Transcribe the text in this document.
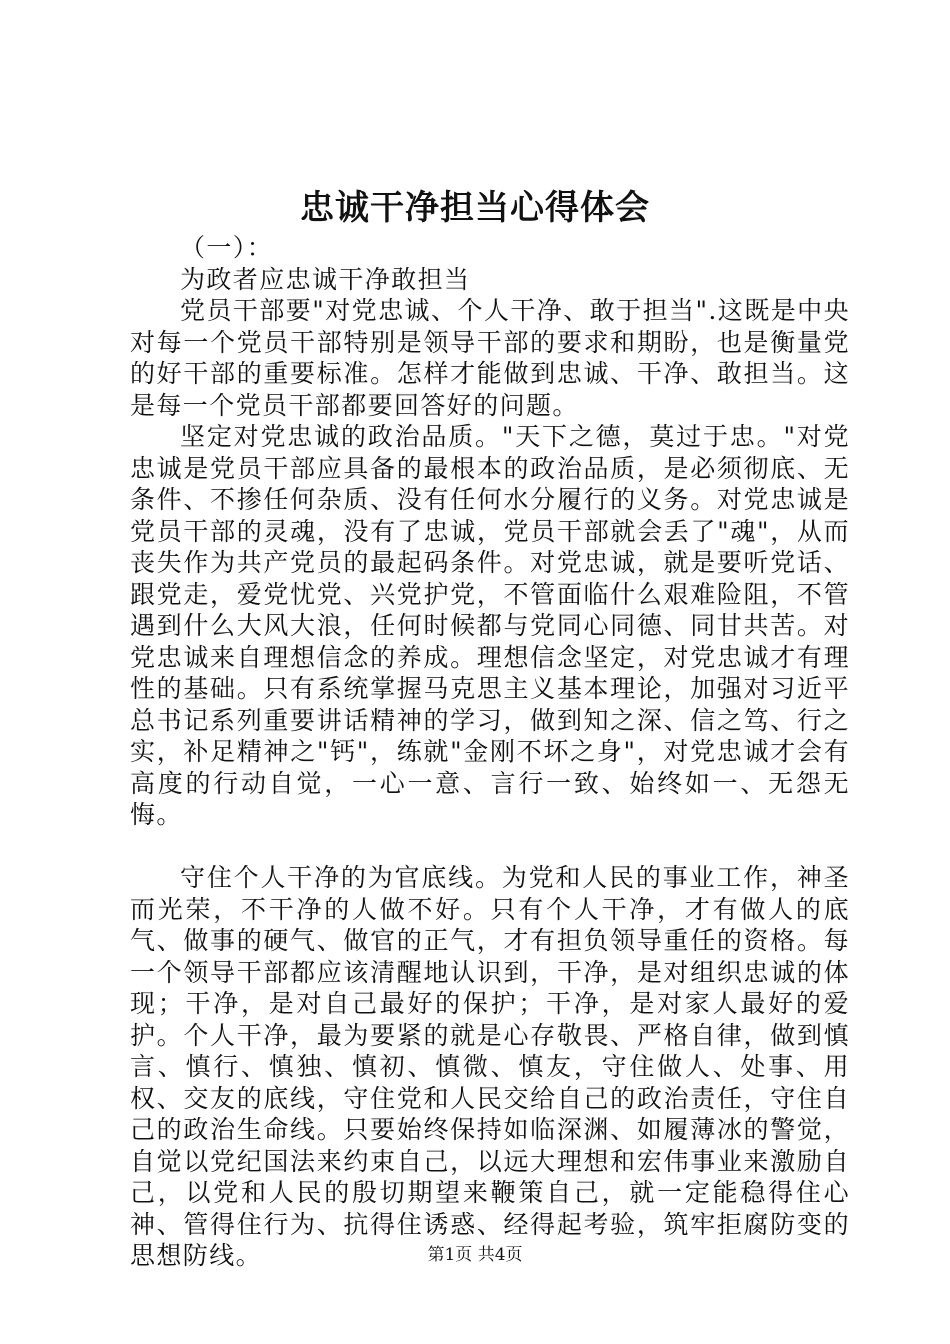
忠诚干净担当心得体会

（一）：

为政者应忠诚干净敢担当

党员干部要"对党忠诚、个人干净、敢于担当".这既是中央对每一个党员干部特别是领导干部的要求和期盼，也是衡量党的好干部的重要标准。怎样才能做到忠诚、干净、敢担当。这是每一个党员干部都要回答好的问题。

坚定对党忠诚的政治品质。"天下之德，莫过于忠。"对党忠诚是党员干部应具备的最根本的政治品质，是必须彻底、无条件、不掺任何杂质、没有任何水分履行的义务。对党忠诚是党员干部的灵魂，没有了忠诚，党员干部就会丢了"魂"，从而丧失作为共产党员的最起码条件。对党忠诚，就是要听党话、跟党走，爱党忧党、兴党护党，不管面临什么艰难险阻，不管遇到什么大风大浪，任何时候都与党同心同德、同甘共苦。对党忠诚来自理想信念的养成。理想信念坚定，对党忠诚才有理性的基础。只有系统掌握马克思主义基本理论，加强对习近平总书记系列重要讲话精神的学习，做到知之深、信之笃、行之实，补足精神之"钙"，练就"金刚不坏之身"，对党忠诚才会有高度的行动自觉，一心一意、言行一致、始终如一、无怨无悔。

守住个人干净的为官底线。为党和人民的事业工作，神圣而光荣，不干净的人做不好。只有个人干净，才有做人的底气、做事的硬气、做官的正气，才有担负领导重任的资格。每一个领导干部都应该清醒地认识到，干净，是对组织忠诚的体现；干净，是对自己最好的保护；干净，是对家人最好的爱护。个人干净，最为要紧的就是心存敬畏、严格自律，做到慎言、慎行、慎独、慎初、慎微、慎友，守住做人、处事、用权、交友的底线，守住党和人民交给自己的政治责任，守住自己的政治生命线。只要始终保持如临深渊、如履薄冰的警觉，自觉以党纪国法来约束自己，以远大理想和宏伟事业来激励自己，以党和人民的殷切期望来鞭策自己，就一定能稳得住心神、管得住行为、抗得住诱惑、经得起考验，筑牢拒腐防变的思想防线。	第1页 共4页
